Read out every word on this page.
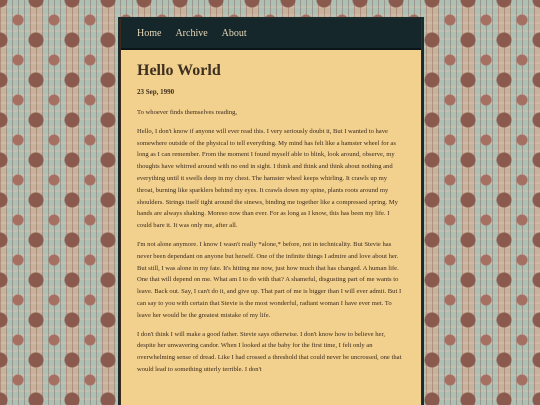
Home Archive About
Hello World
23 Sep, 1990

To whoever finds themselves reading,

Hello, I don't know if anyone will ever read this. I very seriously doubt it, But I wanted to have somewhere outside of the physical to tell everything. My mind has felt like a hamster wheel for as long as I can remember. From the moment I found myself able to blink, look around, observe, my thoughts have whirred around with no end in sight. I think and think and think about nothing and everything until it swells deep in my chest. The hamster wheel keeps whirling. It crawls up my throat, burning like sparklers behind my eyes. It crawls down my spine, plants roots around my shoulders. Strings itself tight around the sinews, binding me together like a compressed spring. My hands are always shaking. Moreso now than ever. For as long as I know, this has been my life. I could bare it. It was only me, after all.

I'm not alone anymore. I know I wasn't really *alone,* before, not in technicality. But Stevie has never been dependant on anyone but herself. One of the infinite things I admire and love about her. But still, I was alone in my fate. It's hitting me now, just how much that has changed. A human life. One that will depend on me. What am I to do with that? A shameful, disgusting part of me wants to leave. Back out. Say, I can't do it, and give up. That part of me is bigger than I will ever admit. But I can say to you with certain that Stevie is the most wonderful, radiant woman I have ever met. To leave her would be the greatest mistake of my life.

I don't think I will make a good father. Stevie says otherwise. I don't know how to believe her, despite her unwavering candor. When I looked at the baby for the first time, I felt only an overwhelming sense of dread. Like I had crossed a threshold that could never be uncrossed, one that would lead to something utterly terrible. I don't
